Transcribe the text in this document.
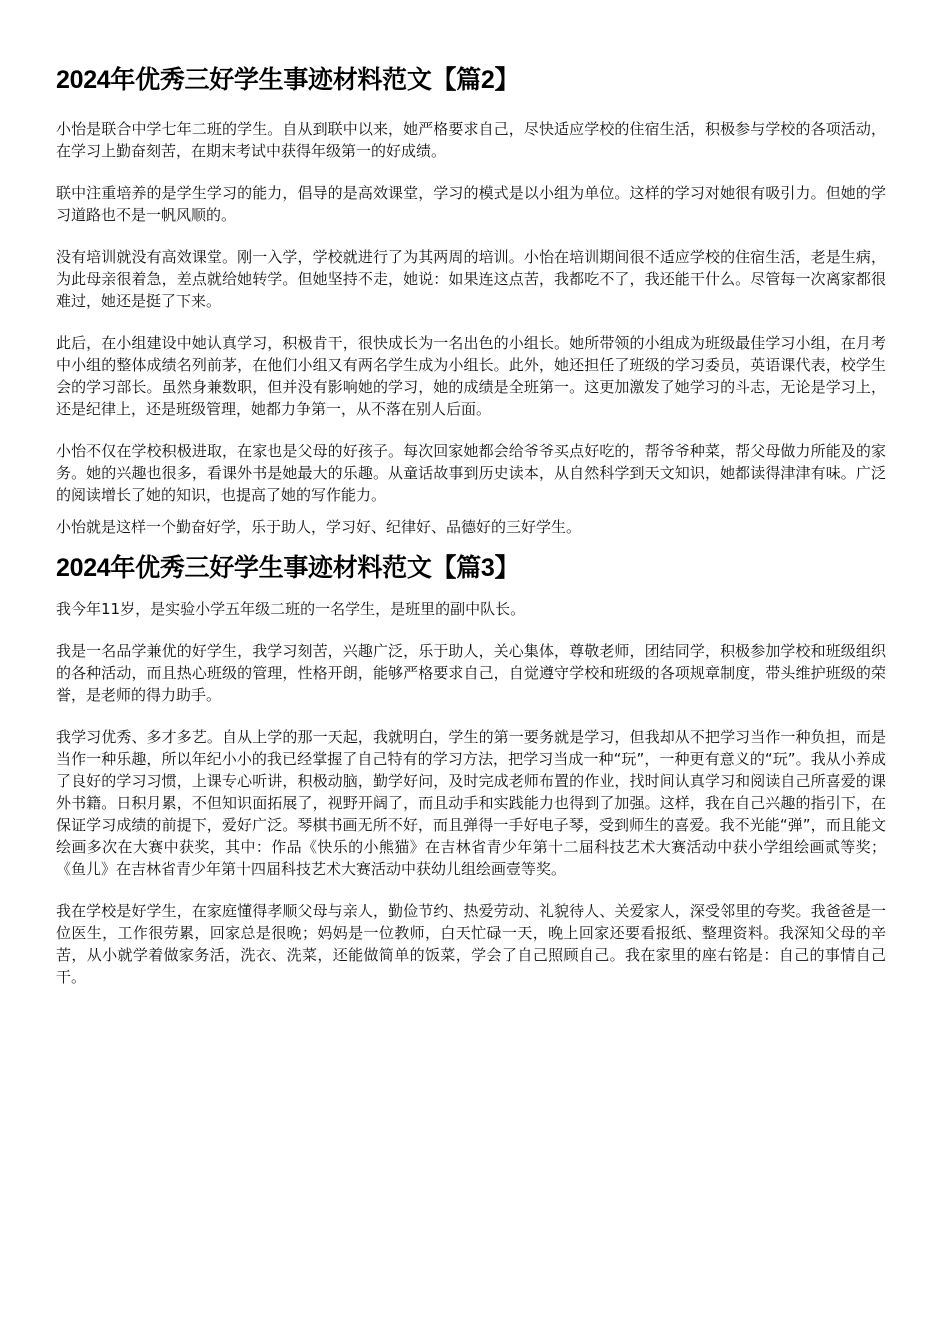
2024年优秀三好学生事迹材料范文【篇2】

小怡是联合中学七年二班的学生。自从到联中以来，她严格要求自己，尽快适应学校的住宿生活，积极参与学校的各项活动，在学习上勤奋刻苦，在期末考试中获得年级第一的好成绩。

联中注重培养的是学生学习的能力，倡导的是高效课堂，学习的模式是以小组为单位。这样的学习对她很有吸引力。但她的学习道路也不是一帆风顺的。

没有培训就没有高效课堂。刚一入学，学校就进行了为其两周的培训。小怡在培训期间很不适应学校的住宿生活，老是生病，为此母亲很着急，差点就给她转学。但她坚持不走，她说：如果连这点苦，我都吃不了，我还能干什么。尽管每一次离家都很难过，她还是挺了下来。

此后，在小组建设中她认真学习，积极肯干，很快成长为一名出色的小组长。她所带领的小组成为班级最佳学习小组，在月考中小组的整体成绩名列前茅，在他们小组又有两名学生成为小组长。此外，她还担任了班级的学习委员，英语课代表，校学生会的学习部长。虽然身兼数职，但并没有影响她的学习，她的成绩是全班第一。这更加激发了她学习的斗志，无论是学习上，还是纪律上，还是班级管理，她都力争第一，从不落在别人后面。

小怡不仅在学校积极进取，在家也是父母的好孩子。每次回家她都会给爷爷买点好吃的，帮爷爷种菜，帮父母做力所能及的家务。她的兴趣也很多，看课外书是她最大的乐趣。从童话故事到历史读本，从自然科学到天文知识，她都读得津津有味。广泛的阅读增长了她的知识，也提高了她的写作能力。

小怡就是这样一个勤奋好学，乐于助人，学习好、纪律好、品德好的三好学生。

2024年优秀三好学生事迹材料范文【篇3】

我今年11岁，是实验小学五年级二班的一名学生，是班里的副中队长。

我是一名品学兼优的好学生，我学习刻苦，兴趣广泛，乐于助人，关心集体，尊敬老师，团结同学，积极参加学校和班级组织的各种活动，而且热心班级的管理，性格开朗，能够严格要求自己，自觉遵守学校和班级的各项规章制度，带头维护班级的荣誉，是老师的得力助手。

我学习优秀、多才多艺。自从上学的那一天起，我就明白，学生的第一要务就是学习，但我却从不把学习当作一种负担，而是当作一种乐趣，所以年纪小小的我已经掌握了自己特有的学习方法，把学习当成一种“玩”，一种更有意义的“玩”。我从小养成了良好的学习习惯，上课专心听讲，积极动脑，勤学好问，及时完成老师布置的作业，找时间认真学习和阅读自己所喜爱的课外书籍。日积月累，不但知识面拓展了，视野开阔了，而且动手和实践能力也得到了加强。这样，我在自己兴趣的指引下，在保证学习成绩的前提下，爱好广泛。琴棋书画无所不好，而且弹得一手好电子琴，受到师生的喜爱。我不光能“弹”，而且能文绘画多次在大赛中获奖，其中：作品《快乐的小熊猫》在吉林省青少年第十二届科技艺术大赛活动中获小学组绘画贰等奖；《鱼儿》在吉林省青少年第十四届科技艺术大赛活动中获幼儿组绘画壹等奖。

我在学校是好学生，在家庭懂得孝顺父母与亲人，勤俭节约、热爱劳动、礼貌待人、关爱家人，深受邻里的夸奖。我爸爸是一位医生，工作很劳累，回家总是很晚；妈妈是一位教师，白天忙碌一天，晚上回家还要看报纸、整理资料。我深知父母的辛苦，从小就学着做家务活，洗衣、洗菜，还能做简单的饭菜，学会了自己照顾自己。我在家里的座右铭是：自己的事情自己干。
